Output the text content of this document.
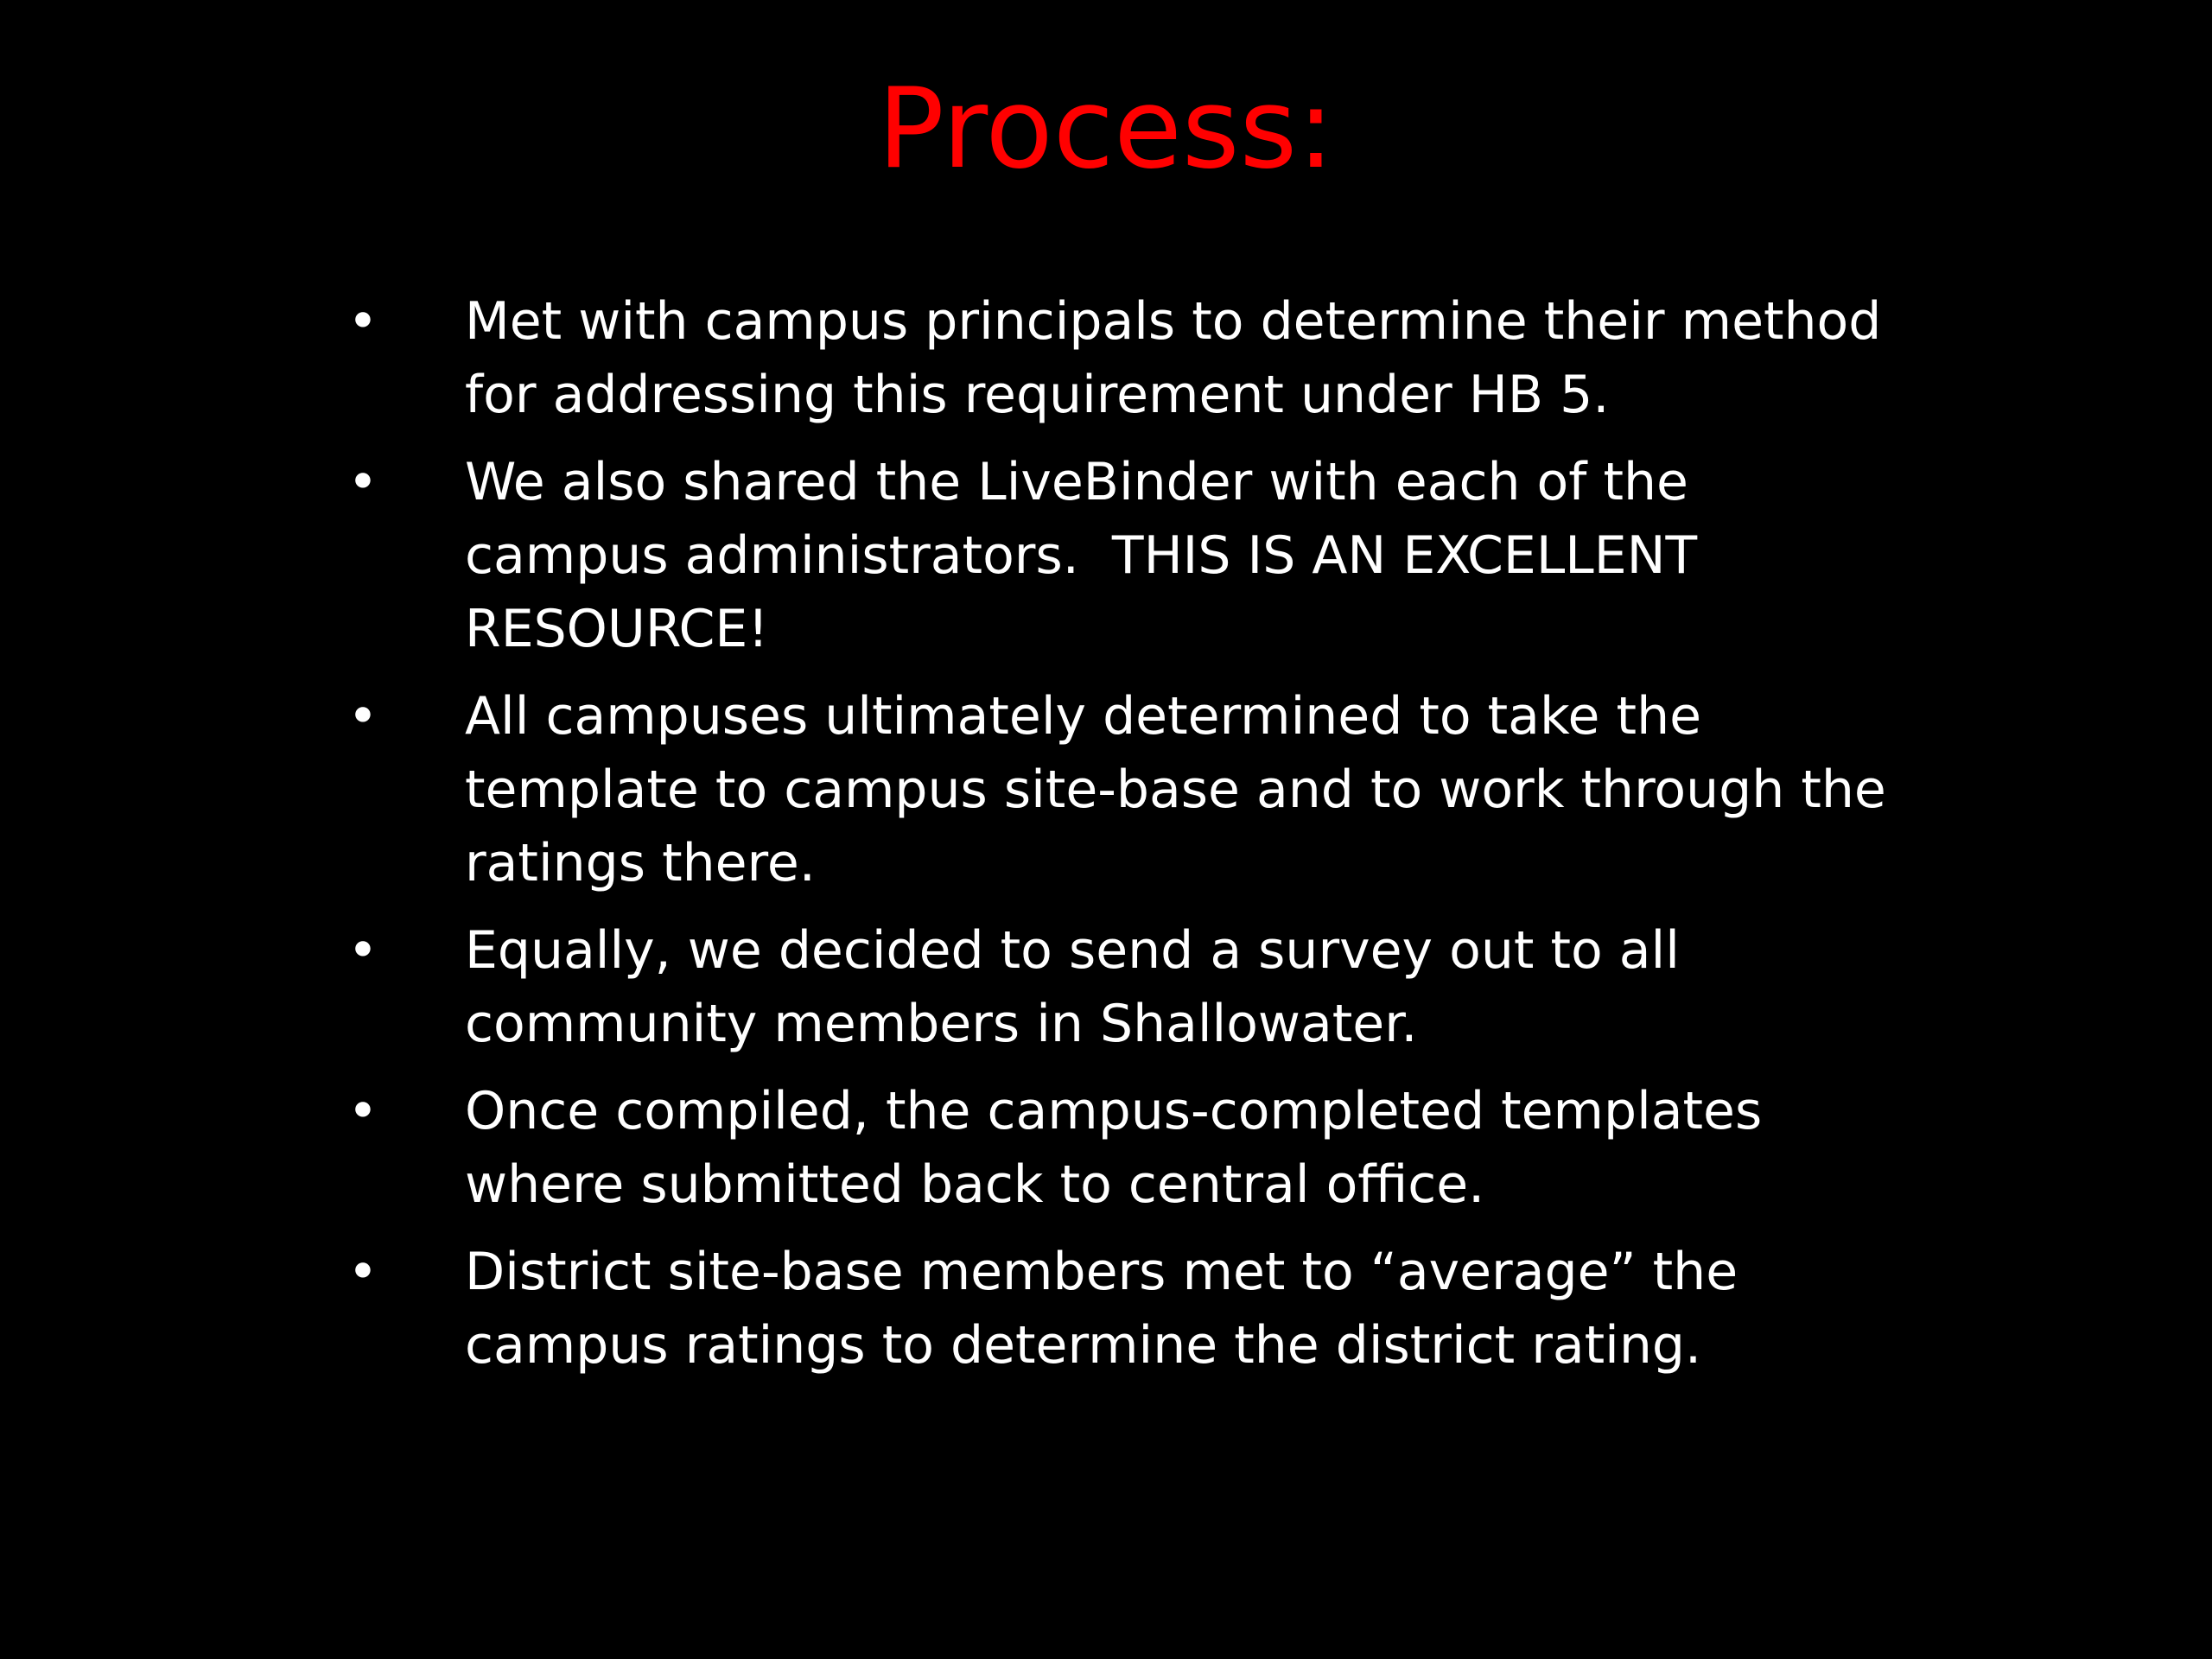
Process:
• Met with campus principals to determine their method for addressing this requirement under HB 5.
• We also shared the LiveBinder with each of the campus administrators.  THIS IS AN EXCELLENT RESOURCE!
• All campuses ultimately determined to take the template to campus site-base and to work through the ratings there.
• Equally, we decided to send a survey out to all community members in Shallowater.
• Once compiled, the campus-completed templates where submitted back to central office.
• District site-base members met to “average” the campus ratings to determine the district rating.
